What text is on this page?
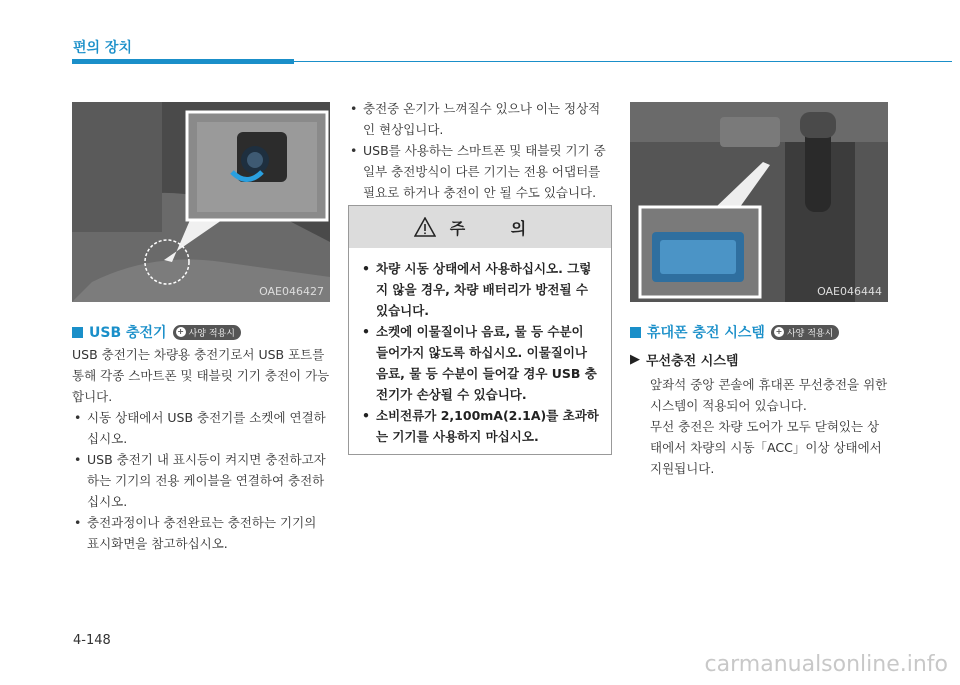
편의 장치
OAE046427
USB 충전기 + 사양 적용시

USB 충전기는 차량용 충전기로서 USB 포트를 통해 각종 스마트폰 및 태블릿 기기 충전이 가능합니다.

• 시동 상태에서 USB 충전기를 소켓에 연결하십시오.
• USB 충전기 내 표시등이 켜지면 충전하고자 하는 기기의 전용 케이블을 연결하여 충전하십시오.
• 충전과정이나 충전완료는 충전하는 기기의 표시화면을 참고하십시오.
• 충전중 온기가 느껴질수 있으나 이는 정상적인 현상입니다.
• USB를 사용하는 스마트폰 및 태블릿 기기 중 일부 충전방식이 다른 기기는 전용 어댑터를 필요로 하거나 충전이 안 될 수도 있습니다.
주 의
• 차량 시동 상태에서 사용하십시오. 그렇지 않을 경우, 차량 배터리가 방전될 수 있습니다.
• 소켓에 이물질이나 음료, 물 등 수분이 들어가지 않도록 하십시오. 이물질이나 음료, 물 등 수분이 들어갈 경우 USB 충전기가 손상될 수 있습니다.
• 소비전류가 2,100mA(2.1A)를 초과하는 기기를 사용하지 마십시오.
OAE046444
휴대폰 충전 시스템 + 사양 적용시
▶ 무선충전 시스템

앞좌석 중앙 콘솔에 휴대폰 무선충전을 위한 시스템이 적용되어 있습니다.

무선 충전은 차량 도어가 모두 닫혀있는 상태에서 차량의 시동「ACC」이상 상태에서 지원됩니다.

4-148
carmanualsonline.info
